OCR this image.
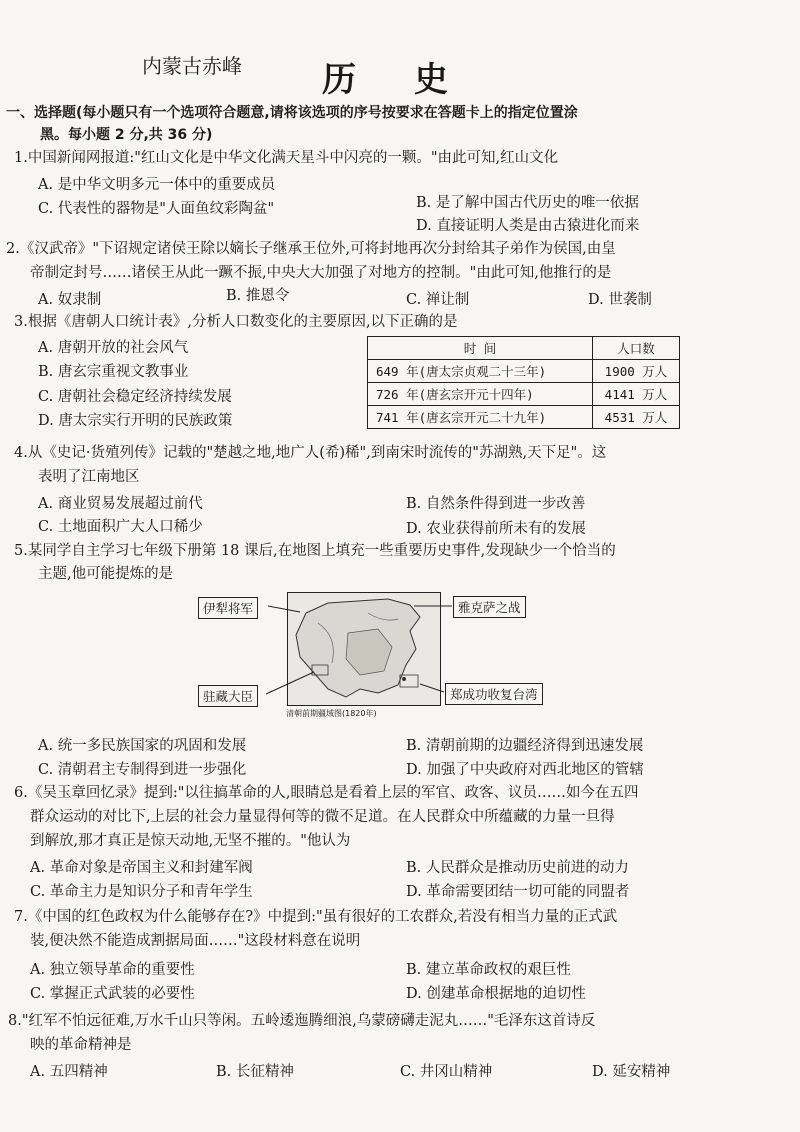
内蒙古赤峰 历史
一、选择题(每小题只有一个选项符合题意,请将该选项的序号按要求在答题卡上的指定位置涂
黑。每小题 2 分,共 36 分)
1.中国新闻网报道:"红山文化是中华文化满天星斗中闪亮的一颗。"由此可知,红山文化
A. 是中华文明多元一体中的重要成员
B. 是了解中国古代历史的唯一依据
C. 代表性的器物是"人面鱼纹彩陶盆"
D. 直接证明人类是由古猿进化而来
2.《汉武帝》"下诏规定诸侯王除以嫡长子继承王位外,可将封地再次分封给其子弟作为侯国,由皇
帝制定封号……诸侯王从此一蹶不振,中央大大加强了对地方的控制。"由此可知,他推行的是
A. 奴隶制	B. 推恩令	C. 禅让制	D. 世袭制
3.根据《唐朝人口统计表》,分析人口数变化的主要原因,以下正确的是
A. 唐朝开放的社会风气
B. 唐玄宗重视文教事业
C. 唐朝社会稳定经济持续发展
D. 唐太宗实行开明的民族政策
时 间	人口数
649 年(唐太宗贞观二十三年)	1900 万人
726 年(唐玄宗开元十四年)	4141 万人
741 年(唐玄宗开元二十九年)	4531 万人
4.从《史记·货殖列传》记载的"楚越之地,地广人(希)稀",到南宋时流传的"苏湖熟,天下足"。这
表明了江南地区
A. 商业贸易发展超过前代	B. 自然条件得到进一步改善
C. 土地面积广大人口稀少	D. 农业获得前所未有的发展
5.某同学自主学习七年级下册第 18 课后,在地图上填充一些重要历史事件,发现缺少一个恰当的
主题,他可能提炼的是
伊犁将军	雅克萨之战
驻藏大臣	郑成功收复台湾
清朝前期疆域图(1820年)
A. 统一多民族国家的巩固和发展	B. 清朝前期的边疆经济得到迅速发展
C. 清朝君主专制得到进一步强化	D. 加强了中央政府对西北地区的管辖
6.《吴玉章回忆录》提到:"以往搞革命的人,眼睛总是看着上层的军官、政客、议员……如今在五四
群众运动的对比下,上层的社会力量显得何等的微不足道。在人民群众中所蕴藏的力量一旦得
到解放,那才真正是惊天动地,无坚不摧的。"他认为
A. 革命对象是帝国主义和封建军阀	B. 人民群众是推动历史前进的动力
C. 革命主力是知识分子和青年学生	D. 革命需要团结一切可能的同盟者
7.《中国的红色政权为什么能够存在?》中提到:"虽有很好的工农群众,若没有相当力量的正式武
装,便决然不能造成割据局面……"这段材料意在说明
A. 独立领导革命的重要性	B. 建立革命政权的艰巨性
C. 掌握正式武装的必要性	D. 创建革命根据地的迫切性
8."红军不怕远征难,万水千山只等闲。五岭逶迤腾细浪,乌蒙磅礴走泥丸……"毛泽东这首诗反
映的革命精神是
A. 五四精神	B. 长征精神	C. 井冈山精神	D. 延安精神
